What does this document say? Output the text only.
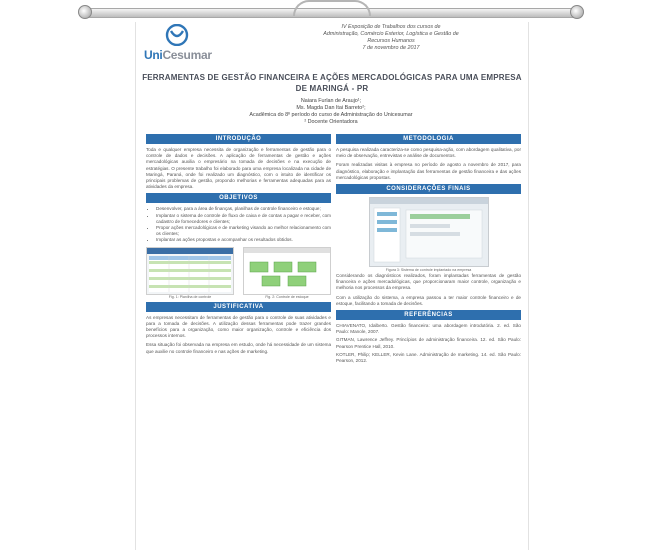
UniCesumar
IV Exposição de Trabalhos dos cursos de
Administração, Comércio Exterior, Logística e Gestão de
Recursos Humanos
7 de novembro de 2017
FERRAMENTAS DE GESTÃO FINANCEIRA E AÇÕES MERCADOLÓGICAS PARA UMA EMPRESA DE MARINGÁ - PR
Naiara Furlan de Araujo¹;
Ms. Magda Dan Itai Barreto²;
Acadêmica do 8º período do curso de Administração do Unicesumar
² Docente Orientadora
INTRODUÇÃO

Toda e qualquer empresa necessita de organização e ferramentas de gestão para o controle de dados e decisões. A aplicação de ferramentas de gestão e ações mercadológicas auxilia o empresário na tomada de decisões e na execução de estratégias. O presente trabalho foi elaborado para uma empresa localizada na cidade de Maringá, Paraná, onde foi realizado um diagnóstico, com o intuito de identificar os principais problemas de gestão, propondo melhorias e ferramentas adequadas para as atividades da empresa.

OBJETIVOS
• Desenvolver, para a área de finanças, planilhas de controle financeiro e estoque;
• Implantar o sistema de controle de fluxo de caixa e de contas a pagar e receber, com cadastro de fornecedores e clientes;
• Propor ações mercadológicas e de marketing visando ao melhor relacionamento com os clientes;
• Implantar as ações propostas e acompanhar os resultados obtidos.
Fig. 1: Planilha de controle	Fig. 2: Controle de estoque
JUSTIFICATIVA

As empresas necessitam de ferramentas de gestão para o controle de suas atividades e para a tomada de decisões. A utilização dessas ferramentas pode trazer grandes benefícios para a organização, como maior organização, controle e eficiência dos processos internos.

Essa situação foi observada na empresa em estudo, onde há necessidade de um sistema que auxilie no controle financeiro e nas ações de marketing.

METODOLOGIA

A pesquisa realizada caracteriza-se como pesquisa-ação, com abordagem qualitativa, por meio de observação, entrevistas e análise de documentos.

Foram realizadas visitas à empresa no período de agosto a novembro de 2017, para diagnóstico, elaboração e implantação das ferramentas de gestão financeira e das ações mercadológicas propostas.

CONSIDERAÇÕES FINAIS
Figura 3: Sistema de controle implantado na empresa

Considerando os diagnósticos realizados, foram implantadas ferramentas de gestão financeira e ações mercadológicas, que proporcionaram maior controle, organização e melhoria nos processos da empresa.

Com a utilização do sistema, a empresa passou a ter maior controle financeiro e de estoque, facilitando a tomada de decisões.

REFERÊNCIAS

CHIAVENATO, Idalberto. Gestão financeira: uma abordagem introdutória. 2. ed. São Paulo: Manole, 2007.

GITMAN, Lawrence Jeffrey. Princípios de administração financeira. 12. ed. São Paulo: Pearson Prentice Hall, 2010.

KOTLER, Philip; KELLER, Kevin Lane. Administração de marketing. 14. ed. São Paulo: Pearson, 2012.
